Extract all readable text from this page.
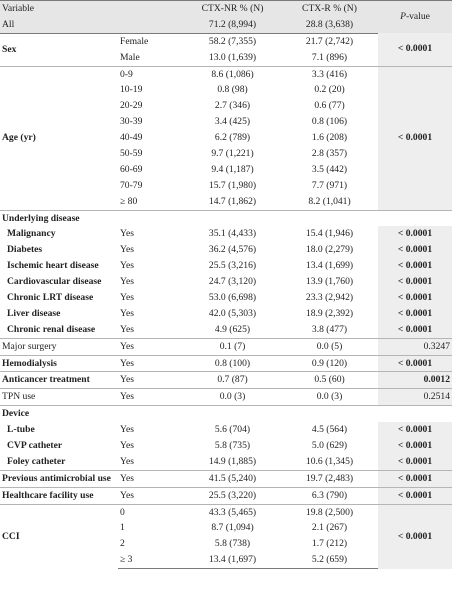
Variable		CTX-NR % (N)	CTX-R % (N)	P-value
All		71.2 (8,994)	28.8 (3,638)	
Sex	Female	58.2 (7,355)	21.7 (2,742)	< 0.0001
	Male	13.0 (1,639)	7.1 (896)	
Age (yr)	0-9	8.6 (1,086)	3.3 (416)	< 0.0001
	10-19	0.8 (98)	0.2 (20)	
	20-29	2.7 (346)	0.6 (77)	
	30-39	3.4 (425)	0.8 (106)	
	40-49	6.2 (789)	1.6 (208)	
	50-59	9.7 (1,221)	2.8 (357)	
	60-69	9.4 (1,187)	3.5 (442)	
	70-79	15.7 (1,980)	7.7 (971)	
	≥ 80	14.7 (1,862)	8.2 (1,041)	
Underlying disease				
Malignancy	Yes	35.1 (4,433)	15.4 (1,946)	< 0.0001
Diabetes	Yes	36.2 (4,576)	18.0 (2,279)	< 0.0001
Ischemic heart disease	Yes	25.5 (3,216)	13.4 (1,699)	< 0.0001
Cardiovascular disease	Yes	24.7 (3,120)	13.9 (1,760)	< 0.0001
Chronic LRT disease	Yes	53.0 (6,698)	23.3 (2,942)	< 0.0001
Liver disease	Yes	42.0 (5,303)	18.9 (2,392)	< 0.0001
Chronic renal disease	Yes	4.9 (625)	3.8 (477)	< 0.0001
Major surgery	Yes	0.1 (7)	0.0 (5)	0.3247
Hemodialysis	Yes	0.8 (100)	0.9 (120)	< 0.0001
Anticancer treatment	Yes	0.7 (87)	0.5 (60)	0.0012
TPN use	Yes	0.0 (3)	0.0 (3)	0.2514
Device				
L-tube	Yes	5.6 (704)	4.5 (564)	< 0.0001
CVP catheter	Yes	5.8 (735)	5.0 (629)	< 0.0001
Foley catheter	Yes	14.9 (1,885)	10.6 (1,345)	< 0.0001
Previous antimicrobial use	Yes	41.5 (5,240)	19.7 (2,483)	< 0.0001
Healthcare facility use	Yes	25.5 (3,220)	6.3 (790)	< 0.0001
CCI	0	43.3 (5,465)	19.8 (2,500)	< 0.0001
	1	8.7 (1,094)	2.1 (267)	
	2	5.8 (738)	1.7 (212)	
	≥ 3	13.4 (1,697)	5.2 (659)	
